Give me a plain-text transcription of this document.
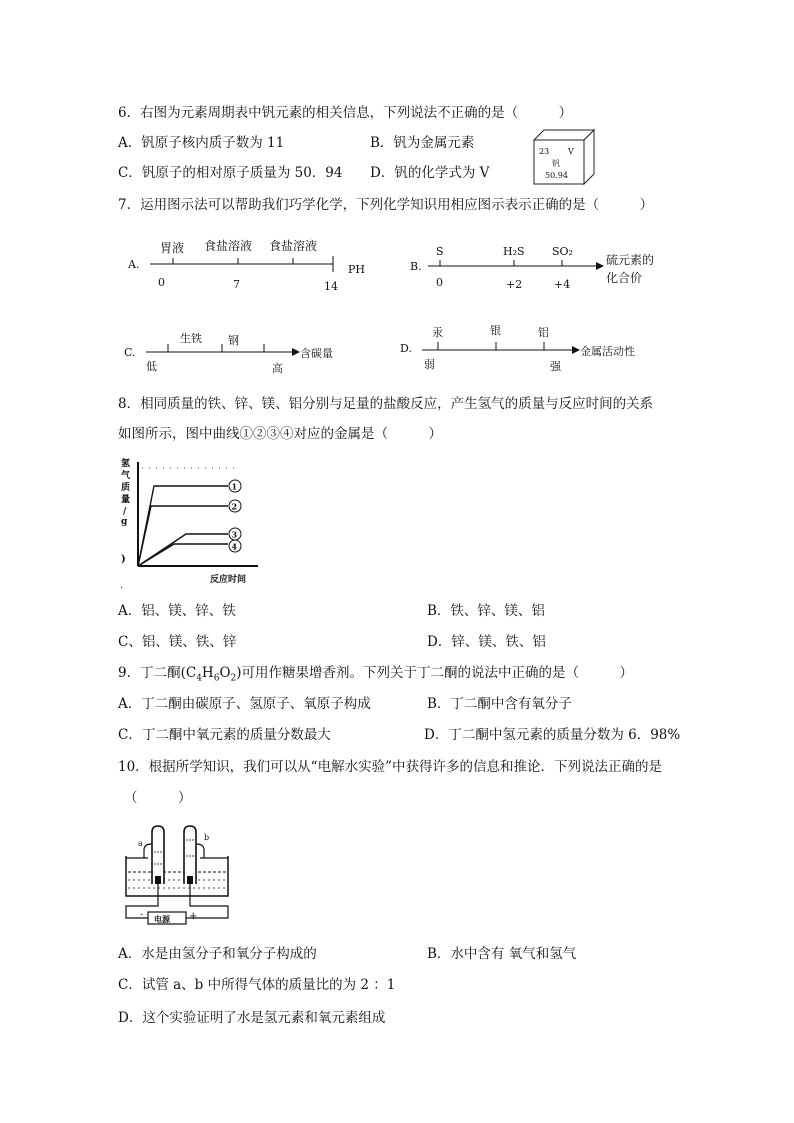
6．右图为元素周期表中钒元素的相关信息，下列说法不正确的是（　　　）
A．钒原子核内质子数为 11	B．钒为金属元素
C．钒原子的相对原子质量为 50．94 D．钒的化学式为 V
23 V
钒
50.94
7．运用图示法可以帮助我们巧学化学，下列化学知识用相应图示表示正确的是（　　　）
A.
胃液 食盐溶液 食盐溶液
0	7	14
PH	B.
S	H₂S SO₂
0	+2	+4
硫元素的
化合价
C.
生铁 钢
低	高
含碳量	D.
汞	银	铝
弱	强
金属活动性
8．相同质量的铁、锌、镁、铝分别与足量的盐酸反应，产生氢气的质量与反应时间的关系
如图所示，图中曲线①②③④对应的金属是（　　　）
氢
气
质
量
/
g
)
.
1
2
3
4
反应时间
A．铝、镁、锌、铁	B．铁、锌、镁、铝
C、铝、镁、铁、锌	D．锌、镁、铁、铝
9．丁二酮$(C_4H_6O_2)$可用作糖果增香剂。下列关于丁二酮的说法中正确的是（　　　）
A．丁二酮由碳原子、氢原子、氧原子构成	B．丁二酮中含有氧分子
C．丁二酮中氧元素的质量分数最大	D．丁二酮中氢元素的质量分数为 6．98%
10．根据所学知识，我们可以从“电解水实验”中获得许多的信息和推论．下列说法正确的是
（　　　）
电源
-	+
a
b
A．水是由氢分子和氧分子构成的	B．水中含有 氧气和氢气
C．试管 a、b 中所得气体的质量比的为 2 ：1
D．这个实验证明了水是氢元素和氧元素组成
